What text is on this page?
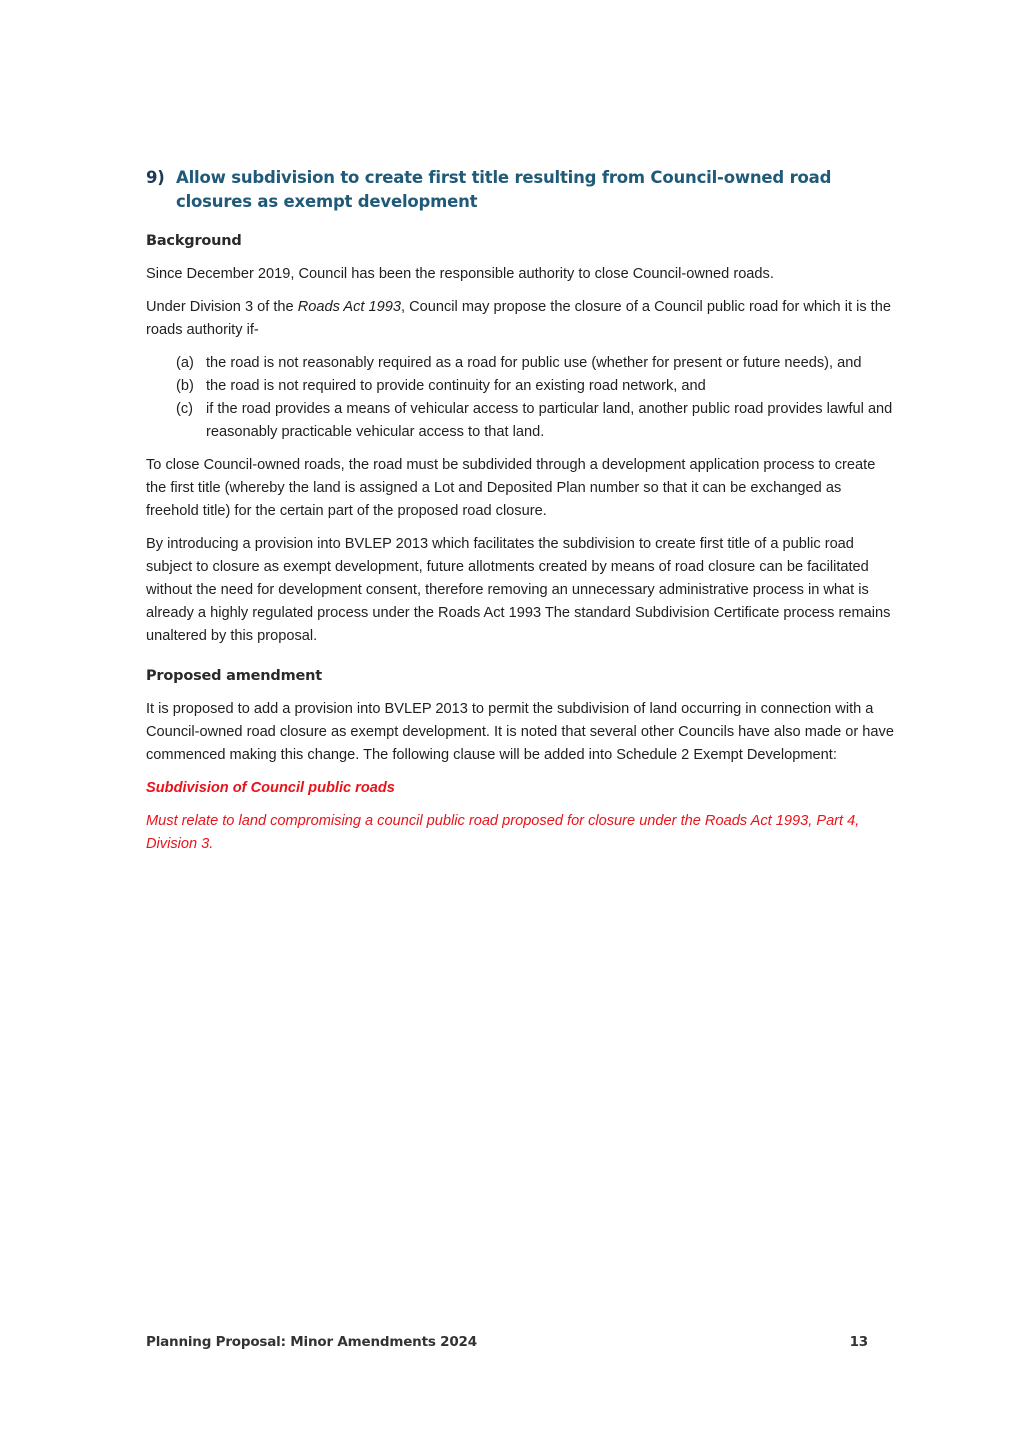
9) Allow subdivision to create first title resulting from Council-owned road closures as exempt development
Background

Since December 2019, Council has been the responsible authority to close Council-owned roads.

Under Division 3 of the Roads Act 1993, Council may propose the closure of a Council public road for which it is the roads authority if-

(a) the road is not reasonably required as a road for public use (whether for present or future needs), and
(b) the road is not required to provide continuity for an existing road network, and
(c) if the road provides a means of vehicular access to particular land, another public road provides lawful and reasonably practicable vehicular access to that land.

To close Council-owned roads, the road must be subdivided through a development application process to create the first title (whereby the land is assigned a Lot and Deposited Plan number so that it can be exchanged as freehold title) for the certain part of the proposed road closure.

By introducing a provision into BVLEP 2013 which facilitates the subdivision to create first title of a public road subject to closure as exempt development, future allotments created by means of road closure can be facilitated without the need for development consent, therefore removing an unnecessary administrative process in what is already a highly regulated process under the Roads Act 1993 The standard Subdivision Certificate process remains unaltered by this proposal.

Proposed amendment

It is proposed to add a provision into BVLEP 2013 to permit the subdivision of land occurring in connection with a Council-owned road closure as exempt development. It is noted that several other Councils have also made or have commenced making this change. The following clause will be added into Schedule 2 Exempt Development:

Subdivision of Council public roads

Must relate to land compromising a council public road proposed for closure under the Roads Act 1993, Part 4, Division 3.

Planning Proposal: Minor Amendments 2024	13
